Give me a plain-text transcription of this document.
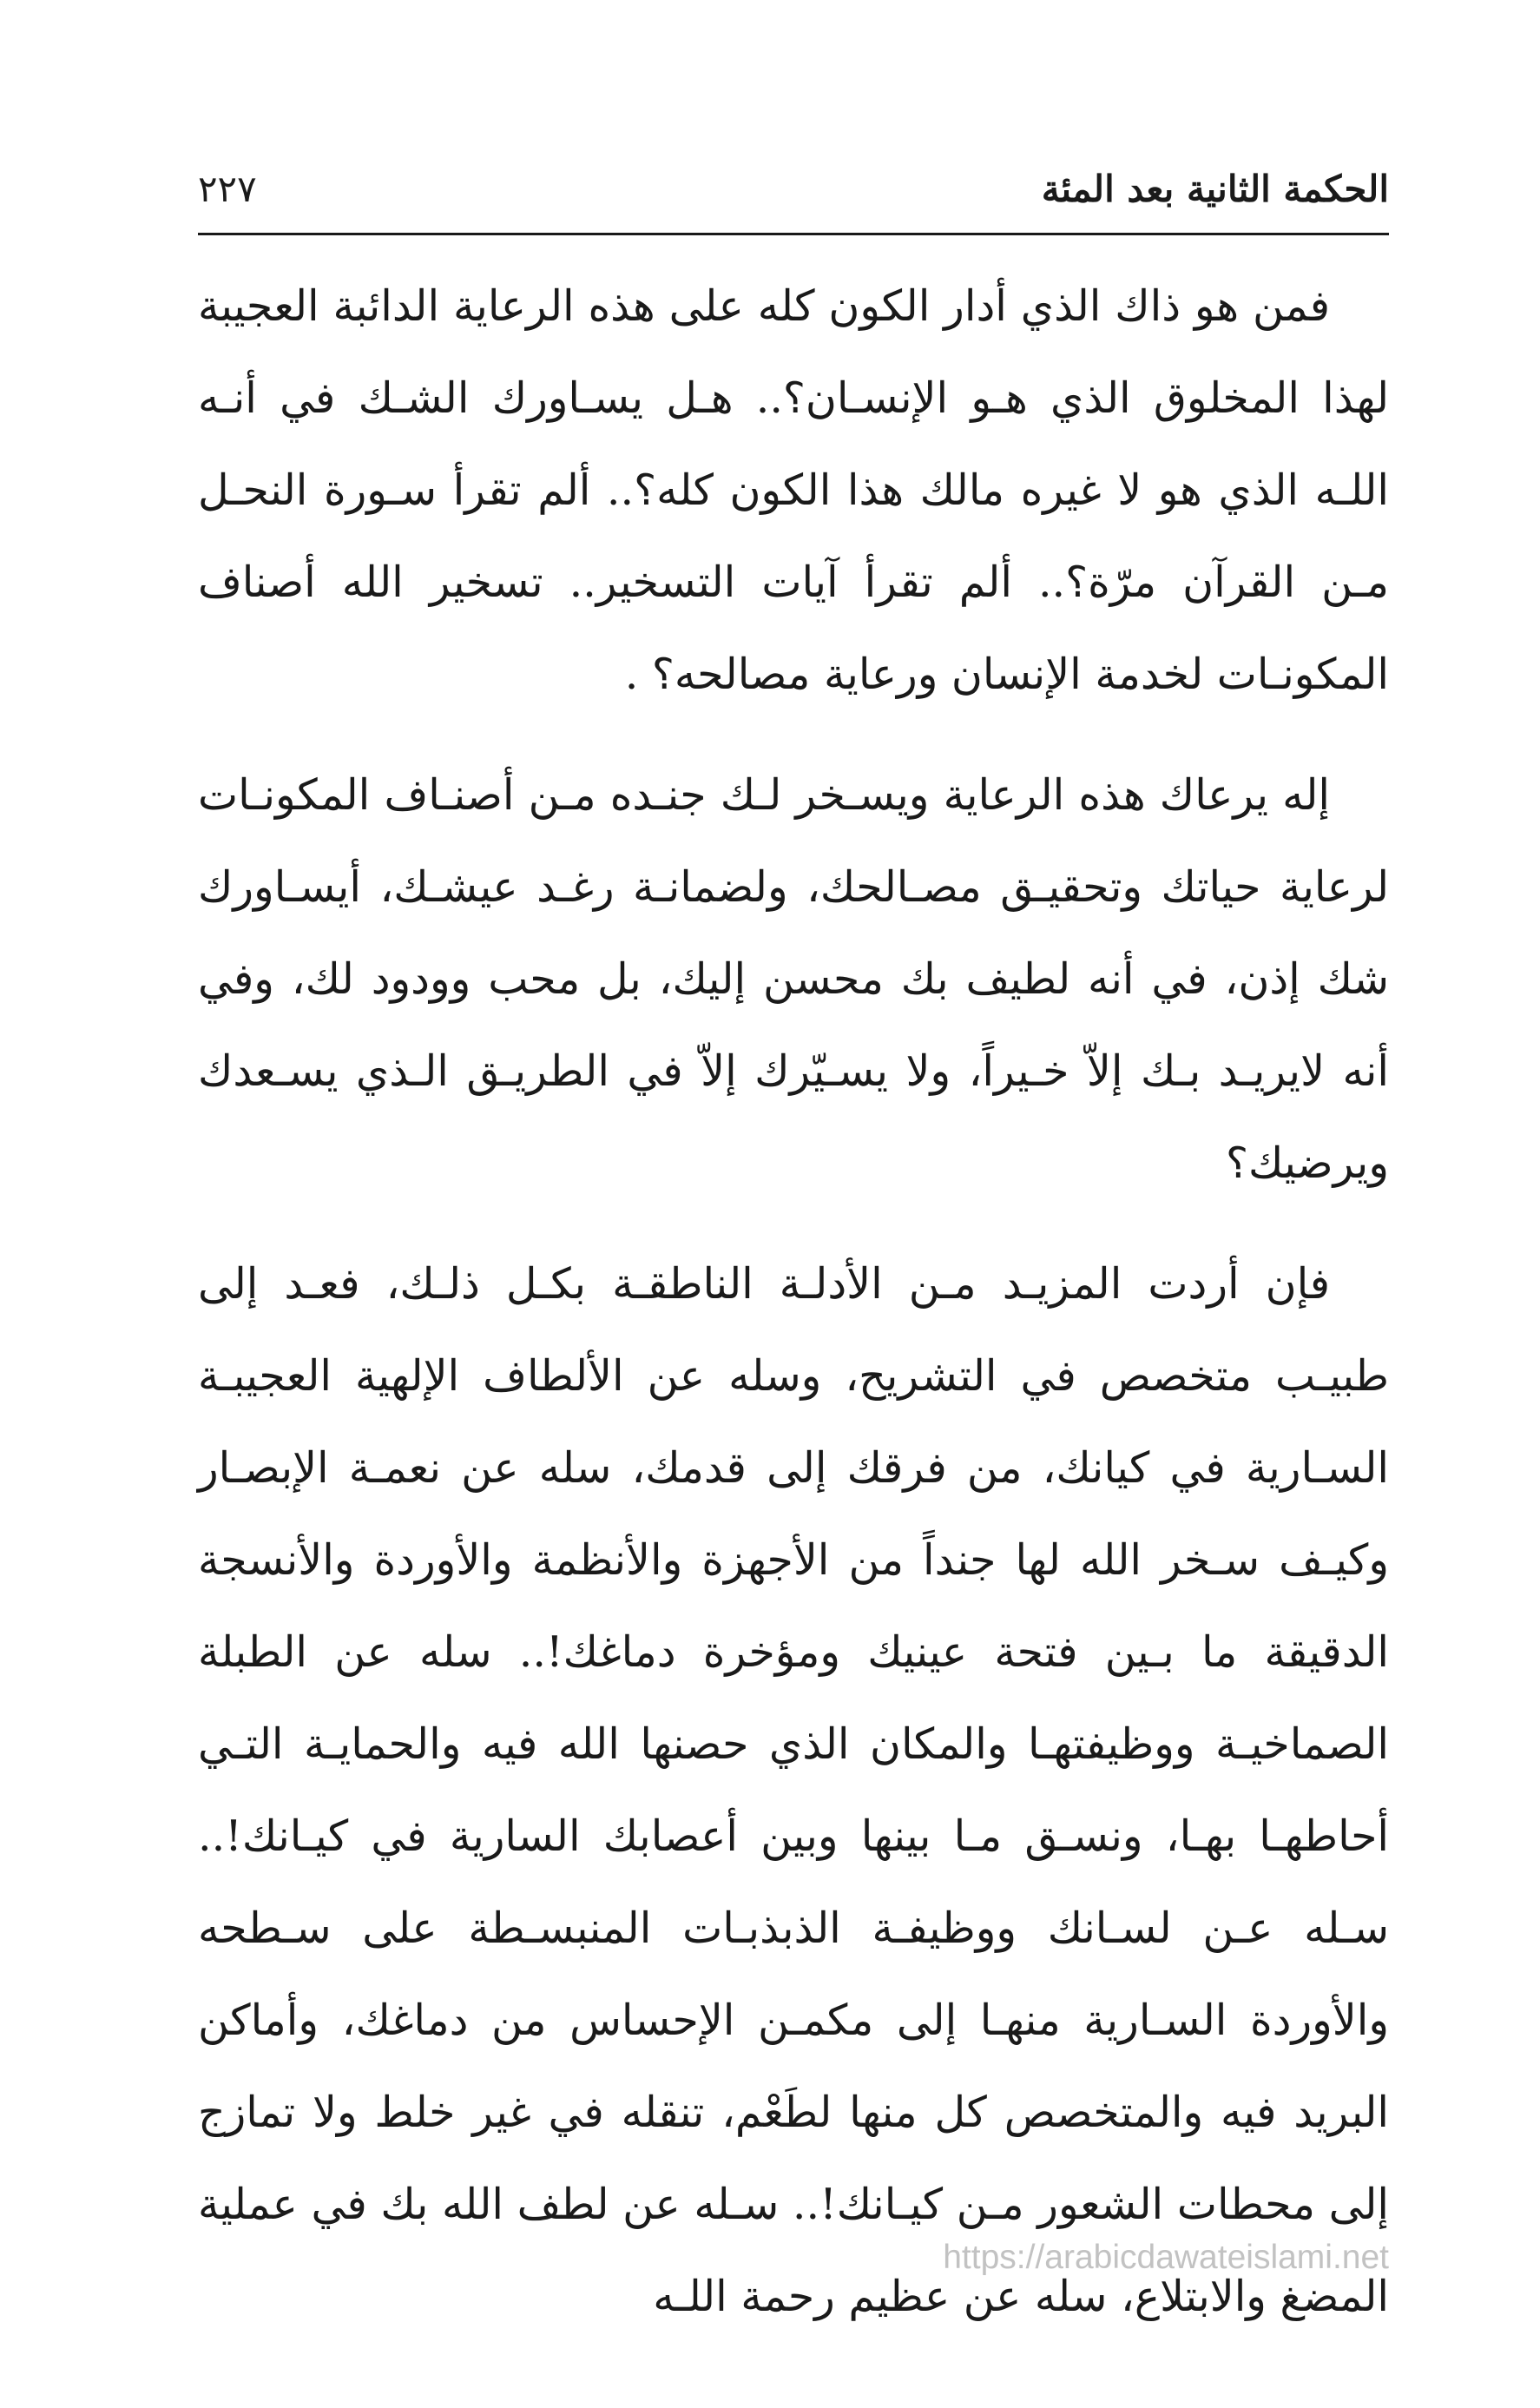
الحكمة الثانية بعد المئة
٢٢٧

فمن هو ذاك الذي أدار الكون كله على هذه الرعاية الدائبة العجيبة لهذا المخلوق الذي هـو الإنسـان؟.. هـل يسـاورك الشـك في أنـه اللـه الذي هو لا غيره مالك هذا الكون كله؟.. ألم تقرأ سـورة النحـل مـن القرآن مرّة؟.. ألم تقرأ آيات التسخير.. تسخير الله أصناف المكونـات لخدمة الإنسان ورعاية مصالحه؟ .

إله يرعاك هذه الرعاية ويسـخر لـك جنـده مـن أصنـاف المكونـات لرعاية حياتك وتحقيـق مصـالحك، ولضمانـة رغـد عيشـك، أيسـاورك شك إذن، في أنه لطيف بك محسن إليك، بل محب وودود لك، وفي أنه لايريـد بـك إلاّ خـيراً، ولا يسـيّرك إلاّ في الطريـق الـذي يسـعدك ويرضيك؟

فإن أردت المزيـد مـن الأدلـة الناطقـة بكـل ذلـك، فعـد إلى طبيـب متخصص في التشريح، وسله عن الألطاف الإلهية العجيبـة السـارية في كيانك، من فرقك إلى قدمك، سله عن نعمـة الإبصـار وكيـف سـخر الله لها جنداً من الأجهزة والأنظمة والأوردة والأنسجة الدقيقة ما بـين فتحة عينيك ومؤخرة دماغك!.. سله عن الطبلة الصماخيـة ووظيفتهـا والمكان الذي حصنها الله فيه والحمايـة التـي أحاطهـا بهـا، ونسـق مـا بينها وبين أعصابك السارية في كيـانك!.. سـله عـن لسـانك ووظيفـة الذبذبـات المنبسـطة على سـطحه والأوردة السـارية منهـا إلى مكمـن الإحساس من دماغك، وأماكن البريد فيه والمتخصص كل منها لطَعْم، تنقله في غير خلط ولا تمازج إلى محطات الشعور مـن كيـانك!.. سـله عن لطف الله بك في عملية المضغ والابتلاع، سله عن عظيم رحمة اللـه

https://arabicdawateislami.net
